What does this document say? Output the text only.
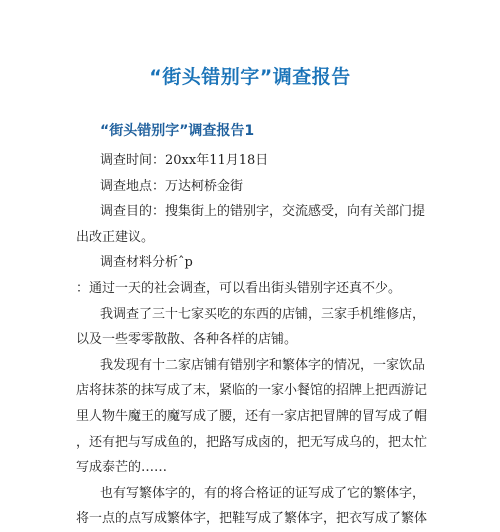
“街头错别字”调查报告
“街头错别字”调查报告1
调查时间：20xx年11月18日
调查地点：万达柯桥金街
调查目的：搜集街上的错别字，交流感受，向有关部门提
出改正建议。
调查材料分析ˆp
：通过一天的社会调查，可以看出街头错别字还真不少。
我调查了三十七家买吃的东西的店铺，三家手机维修店，
以及一些零零散散、各种各样的店铺。
我发现有十二家店铺有错别字和繁体字的情况，一家饮品
店将抹茶的抹写成了末，紧临的一家小餐馆的招牌上把西游记
里人物牛魔王的魔写成了腰，还有一家店把冒牌的冒写成了帽
，还有把与写成鱼的，把路写成卤的，把无写成乌的，把太忙
写成泰芒的……
也有写繁体字的，有的将合格证的证写成了它的繁体字，
将一点的点写成繁体字，把鞋写成了繁体字，把衣写成了繁体
